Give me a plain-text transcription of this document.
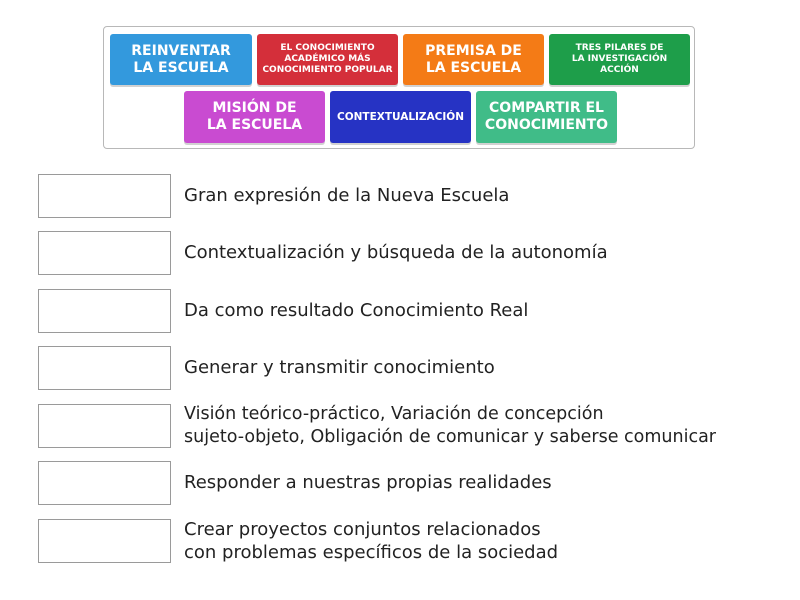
REINVENTAR
LA ESCUELA
EL CONOCIMIENTO
ACADÉMICO MÁS
CONOCIMIENTO POPULAR
PREMISA DE
LA ESCUELA
TRES PILARES DE
LA INVESTIGACIÓN
ACCIÓN
MISIÓN DE
LA ESCUELA
CONTEXTUALIZACIÓN
COMPARTIR EL
CONOCIMIENTO
Gran expresión de la Nueva Escuela
Contextualización y búsqueda de la autonomía
Da como resultado Conocimiento Real
Generar y transmitir conocimiento
Visión teórico-práctico, Variación de concepción
sujeto-objeto, Obligación de comunicar y saberse comunicar
Responder a nuestras propias realidades
Crear proyectos conjuntos relacionados
con problemas específicos de la sociedad
